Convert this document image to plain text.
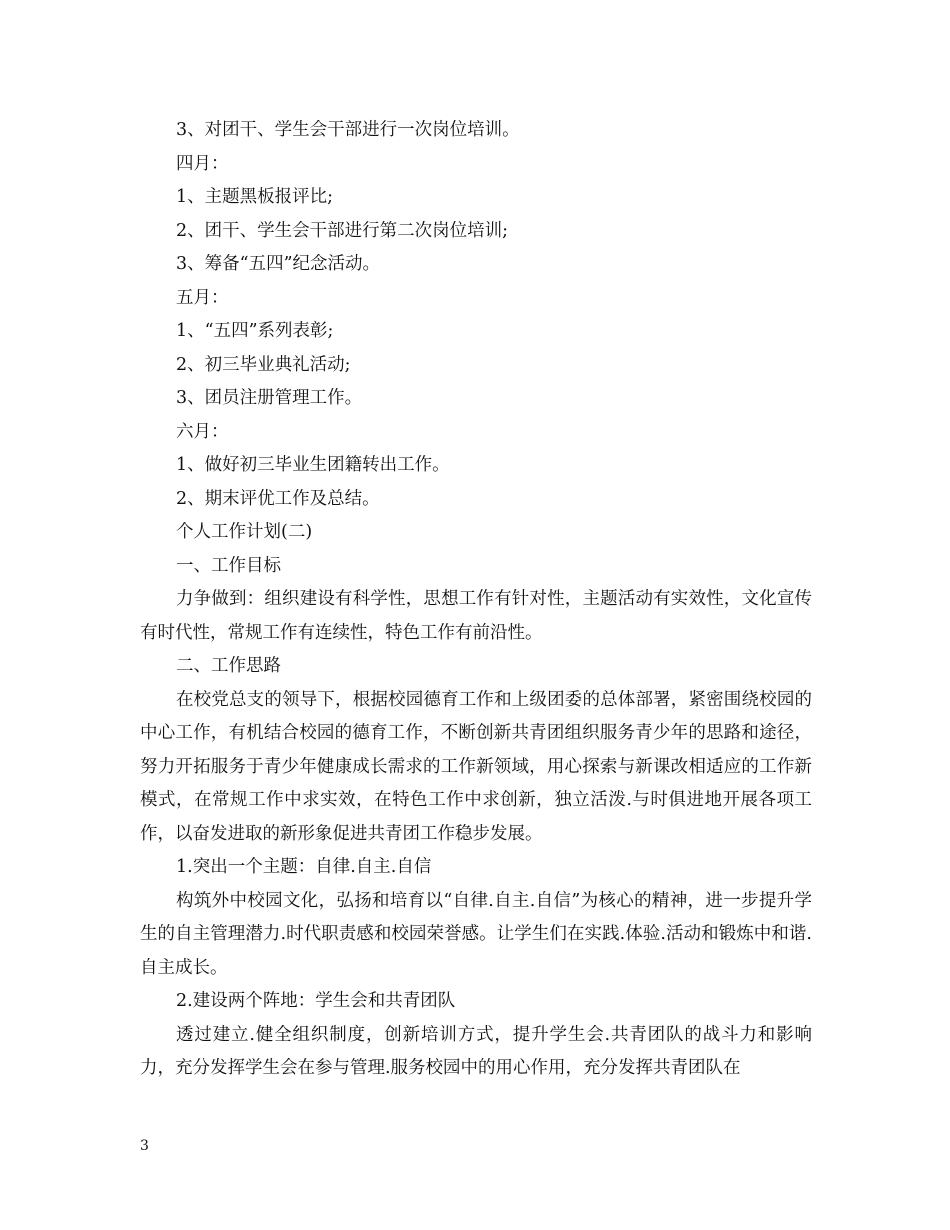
3、对团干、学生会干部进行一次岗位培训。

四月：

1、主题黑板报评比;

2、团干、学生会干部进行第二次岗位培训;

3、筹备“五四”纪念活动。

五月：

1、“五四”系列表彰;

2、初三毕业典礼活动;

3、团员注册管理工作。

六月：

1、做好初三毕业生团籍转出工作。

2、期末评优工作及总结。

个人工作计划(二)

一、工作目标

力争做到：组织建设有科学性，思想工作有针对性，主题活动有实效性，文化宣传有时代性，常规工作有连续性，特色工作有前沿性。

二、工作思路

在校党总支的领导下，根据校园德育工作和上级团委的总体部署，紧密围绕校园的中心工作，有机结合校园的德育工作，不断创新共青团组织服务青少年的思路和途径，努力开拓服务于青少年健康成长需求的工作新领域，用心探索与新课改相适应的工作新模式，在常规工作中求实效，在特色工作中求创新，独立活泼.与时俱进地开展各项工作，以奋发进取的新形象促进共青团工作稳步发展。

1.突出一个主题：自律.自主.自信

构筑外中校园文化，弘扬和培育以“自律.自主.自信”为核心的精神，进一步提升学生的自主管理潜力.时代职责感和校园荣誉感。让学生们在实践.体验.活动和锻炼中和谐.自主成长。

2.建设两个阵地：学生会和共青团队

透过建立.健全组织制度，创新培训方式，提升学生会.共青团队的战斗力和影响力，充分发挥学生会在参与管理.服务校园中的用心作用，充分发挥共青团队在

3
